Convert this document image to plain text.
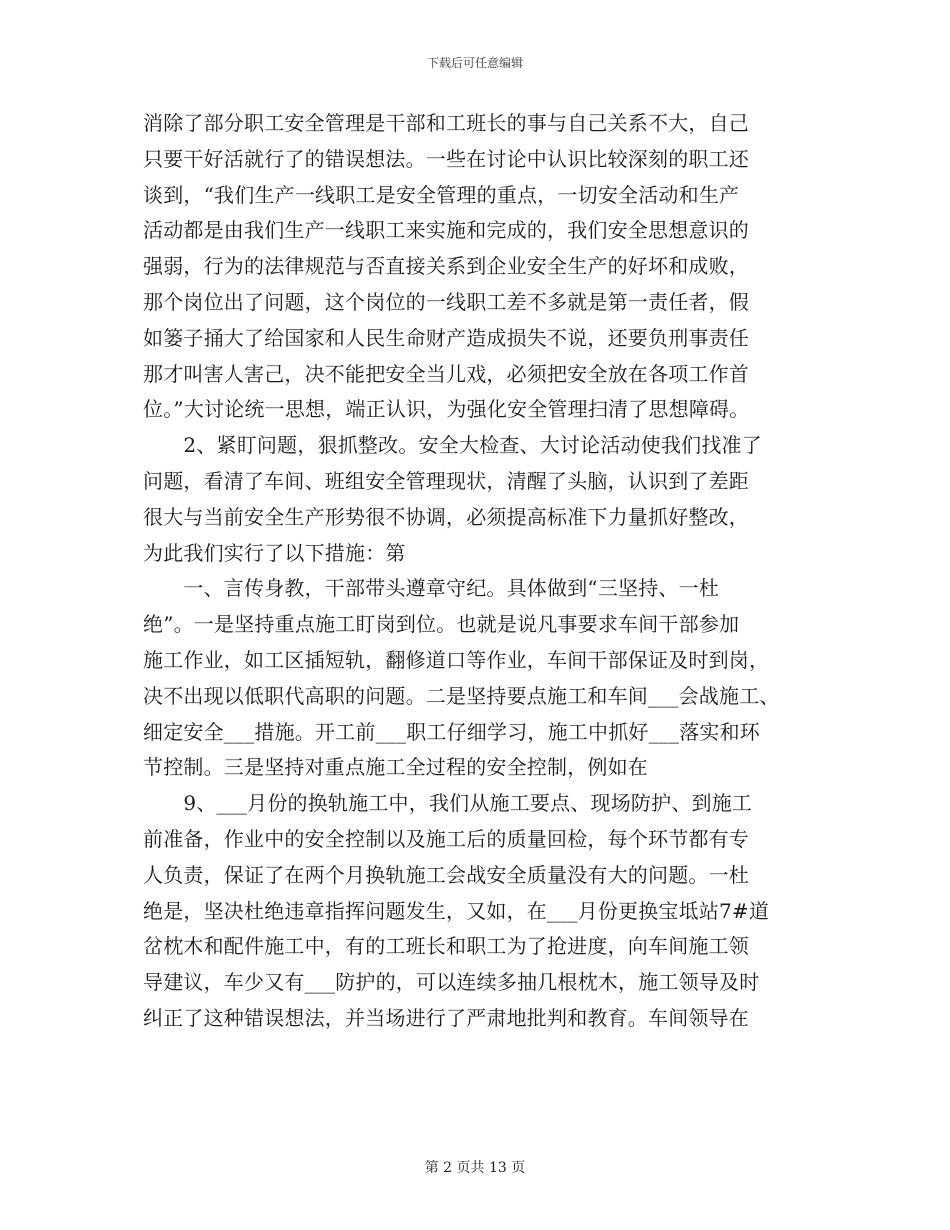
下载后可任意编辑
消除了部分职工安全管理是干部和工班长的事与自己关系不大，自己
只要干好活就行了的错误想法。一些在讨论中认识比较深刻的职工还
谈到，“我们生产一线职工是安全管理的重点，一切安全活动和生产
活动都是由我们生产一线职工来实施和完成的，我们安全思想意识的
强弱，行为的法律规范与否直接关系到企业安全生产的好坏和成败，
那个岗位出了问题，这个岗位的一线职工差不多就是第一责任者，假
如篓子捅大了给国家和人民生命财产造成损失不说，还要负刑事责任
那才叫害人害己，决不能把安全当儿戏，必须把安全放在各项工作首
位。”大讨论统一思想，端正认识，为强化安全管理扫清了思想障碍。
　　2、紧盯问题，狠抓整改。安全大检查、大讨论活动使我们找准了
问题，看清了车间、班组安全管理现状，清醒了头脑，认识到了差距
很大与当前安全生产形势很不协调，必须提高标准下力量抓好整改，
为此我们实行了以下措施：第
　　一、言传身教，干部带头遵章守纪。具体做到“三坚持、一杜
绝”。一是坚持重点施工盯岗到位。也就是说凡事要求车间干部参加
施工作业，如工区插短轨，翻修道口等作业，车间干部保证及时到岗，
决不出现以低职代高职的问题。二是坚持要点施工和车间___会战施工、
细定安全___措施。开工前___职工仔细学习，施工中抓好___落实和环
节控制。三是坚持对重点施工全过程的安全控制，例如在
　　9、___月份的换轨施工中，我们从施工要点、现场防护、到施工
前准备，作业中的安全控制以及施工后的质量回检，每个环节都有专
人负责，保证了在两个月换轨施工会战安全质量没有大的问题。一杜
绝是，坚决杜绝违章指挥问题发生，又如，在___月份更换宝坻站7#道
岔枕木和配件施工中，有的工班长和职工为了抢进度，向车间施工领
导建议，车少又有___防护的，可以连续多抽几根枕木，施工领导及时
纠正了这种错误想法，并当场进行了严肃地批判和教育。车间领导在
第 2 页共 13 页
